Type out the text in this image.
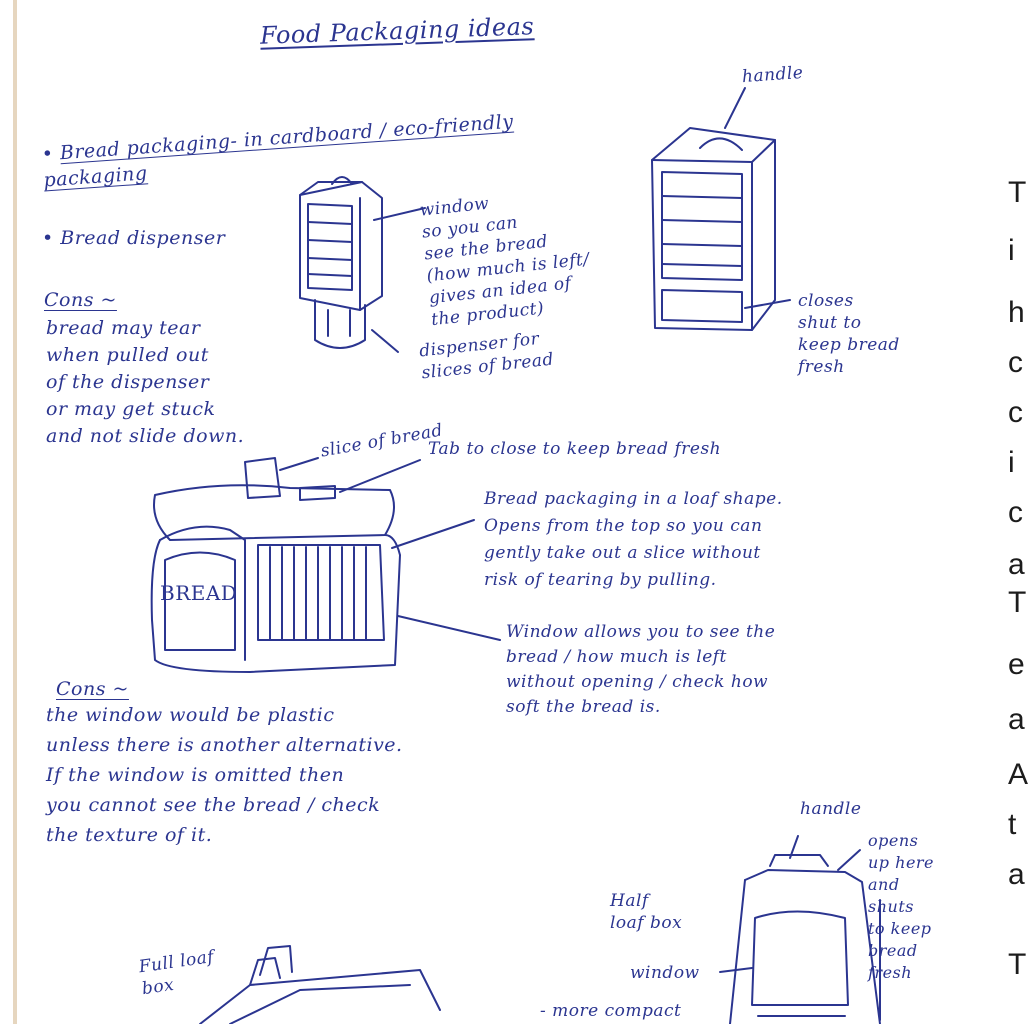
Food Packaging ideas

• Bread packaging- in cardboard / eco-friendly packaging

• Bread dispenser

Cons ~

bread may tear
when pulled out
of the dispenser
or may get stuck
and not slide down.

window
so you can
see the bread
(how much is left/
gives an idea of
the product)

dispenser for
slices of bread

handle

closes
shut to
keep bread
fresh

slice of bread

Tab to close to keep bread fresh

BREAD

Bread packaging in a loaf shape.
Opens from the top so you can
gently take out a slice without
risk of tearing by pulling.

Window allows you to see the
bread / how much is left
without opening / check how
soft the bread is.

Cons ~

the window would be plastic
unless there is another alternative.
If the window is omitted then
you cannot see the bread / check
the texture of it.

Full loaf
box

Half
loaf box

window

handle

opens
up here
and
shuts
to keep
bread
fresh

- more compact

T
i
h
c
c
i
c
a
T
e
a
A
t
a
T
